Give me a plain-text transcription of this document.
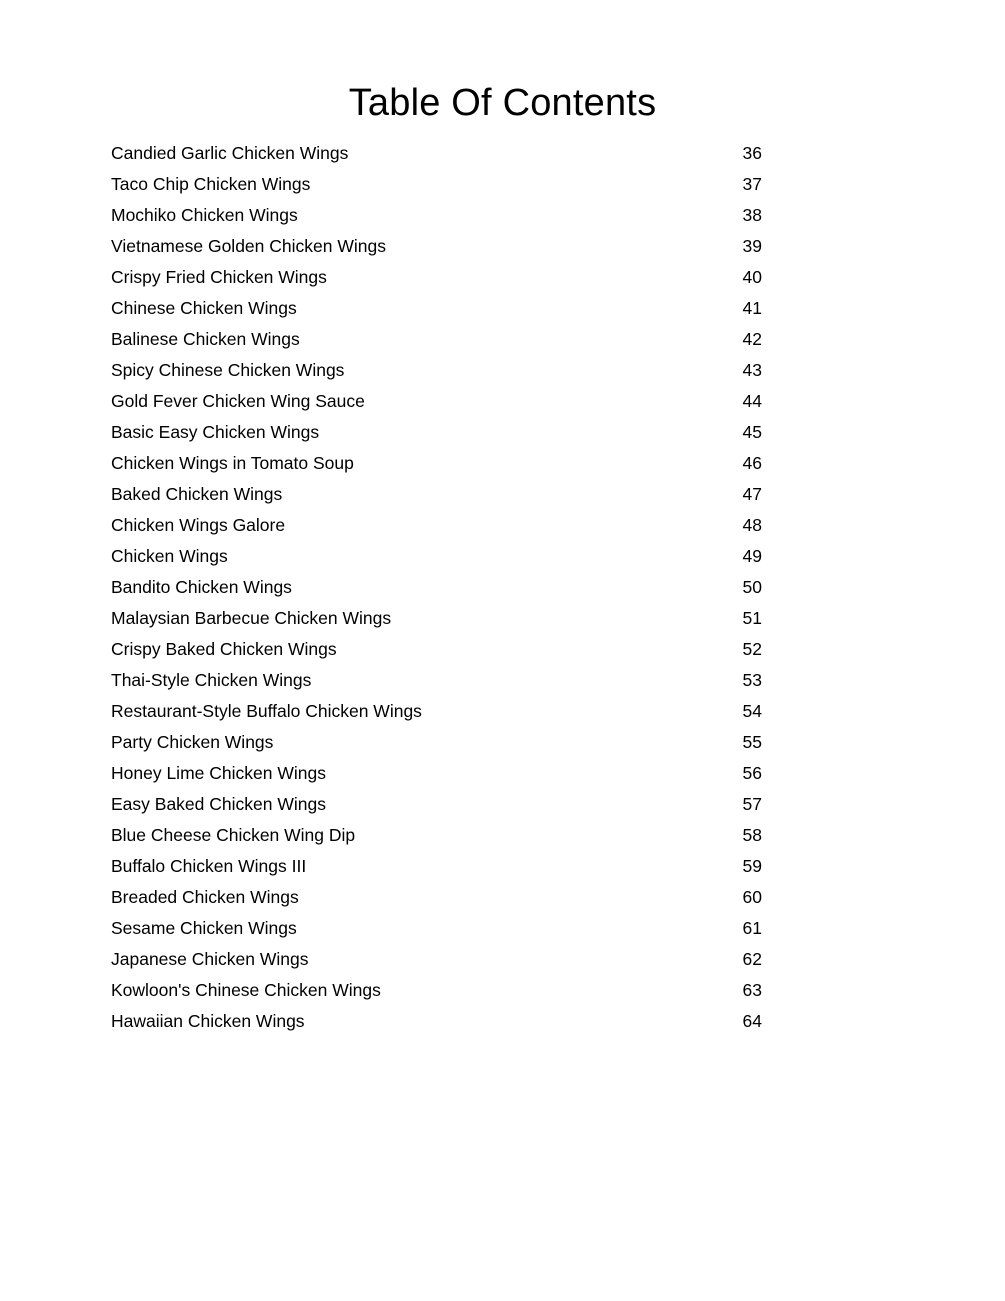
Table Of Contents
Candied Garlic Chicken Wings	36
Taco Chip Chicken Wings	37
Mochiko Chicken Wings	38
Vietnamese Golden Chicken Wings	39
Crispy Fried Chicken Wings	40
Chinese Chicken Wings	41
Balinese Chicken Wings	42
Spicy Chinese Chicken Wings	43
Gold Fever Chicken Wing Sauce	44
Basic Easy Chicken Wings	45
Chicken Wings in Tomato Soup	46
Baked Chicken Wings	47
Chicken Wings Galore	48
Chicken Wings	49
Bandito Chicken Wings	50
Malaysian Barbecue Chicken Wings	51
Crispy Baked Chicken Wings	52
Thai-Style Chicken Wings	53
Restaurant-Style Buffalo Chicken Wings	54
Party Chicken Wings	55
Honey Lime Chicken Wings	56
Easy Baked Chicken Wings	57
Blue Cheese Chicken Wing Dip	58
Buffalo Chicken Wings III	59
Breaded Chicken Wings	60
Sesame Chicken Wings	61
Japanese Chicken Wings	62
Kowloon's Chinese Chicken Wings	63
Hawaiian Chicken Wings	64
